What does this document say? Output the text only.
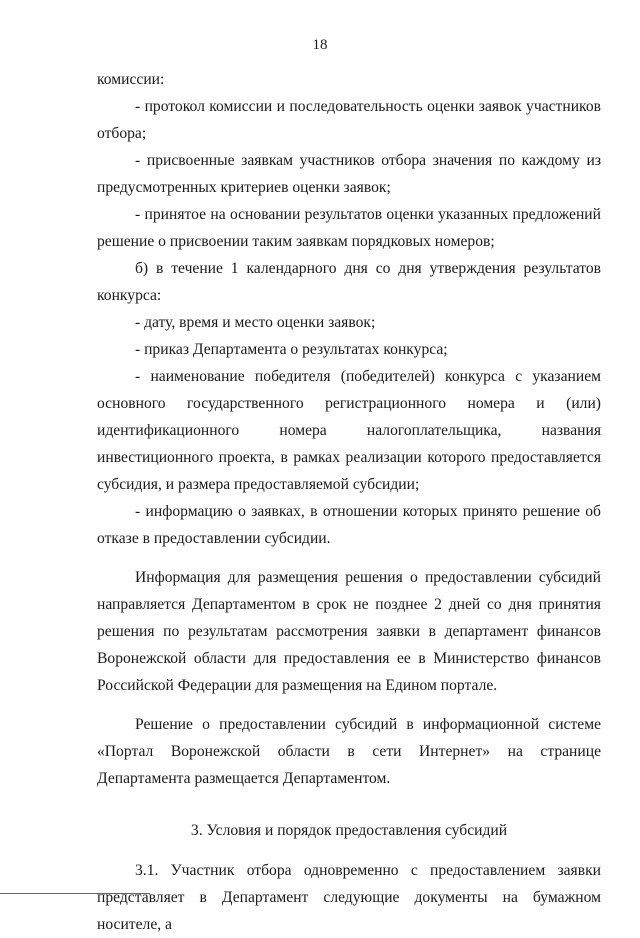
18

комиссии:

- протокол комиссии и последовательность оценки заявок участников отбора;

- присвоенные заявкам участников отбора значения по каждому из предусмотренных критериев оценки заявок;

- принятое на основании результатов оценки указанных предложений решение о присвоении таким заявкам порядковых номеров;

б) в течение 1 календарного дня со дня утверждения результатов конкурса:

- дату, время и место оценки заявок;

- приказ Департамента о результатах конкурса;

- наименование победителя (победителей) конкурса с указанием основного государственного регистрационного номера и (или) идентификационного номера налогоплательщика, названия инвестиционного проекта, в рамках реализации которого предоставляется субсидия, и размера предоставляемой субсидии;

- информацию о заявках, в отношении которых принято решение об отказе в предоставлении субсидии.

Информация для размещения решения о предоставлении субсидий направляется Департаментом в срок не позднее 2 дней со дня принятия решения по результатам рассмотрения заявки в департамент финансов Воронежской области для предоставления ее в Министерство финансов Российской Федерации для размещения на Едином портале.

Решение о предоставлении субсидий в информационной системе «Портал Воронежской области в сети Интернет» на странице Департамента размещается Департаментом.

3. Условия и порядок предоставления субсидий

3.1. Участник отбора одновременно с предоставлением заявки представляет в Департамент следующие документы на бумажном носителе, а
